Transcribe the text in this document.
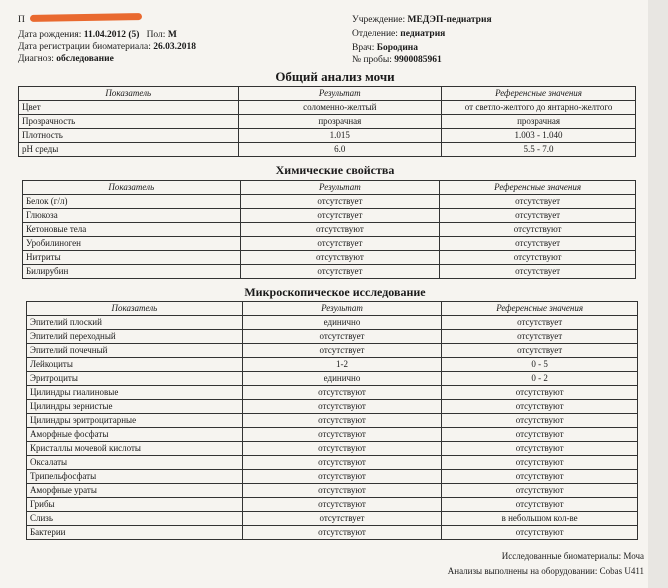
П
Дата рождения: 11.04.2012 (5) Пол: М
Дата регистрации биоматериала: 26.03.2018
Диагноз: обследование
Учреждение: МЕДЭП-педиатрия
Отделение: педиатрия
Врач: Бородина
№ пробы: 9900085961
Общий анализ мочи
Показатель	Результат	Референсные значения
Цвет	соломенно-желтый	от светло-желтого до янтарно-желтого
Прозрачность	прозрачная	прозрачная
Плотность	1.015	1.003 - 1.040
pH среды	6.0	5.5 - 7.0
Химические свойства
Показатель	Результат	Референсные значения
Белок (г/л)	отсутствует	отсутствует
Глюкоза	отсутствует	отсутствует
Кетоновые тела	отсутствуют	отсутствуют
Уробилиноген	отсутствует	отсутствует
Нитриты	отсутствуют	отсутствуют
Билирубин	отсутствует	отсутствует
Микроскопическое исследование
Показатель	Результат	Референсные значения
Эпителий плоский	единично	отсутствует
Эпителий переходный	отсутствует	отсутствует
Эпителий почечный	отсутствует	отсутствует
Лейкоциты	1-2	0 - 5
Эритроциты	единично	0 - 2
Цилиндры гиалиновые	отсутствуют	отсутствуют
Цилиндры зернистые	отсутствуют	отсутствуют
Цилиндры эритроцитарные	отсутствуют	отсутствуют
Аморфные фосфаты	отсутствуют	отсутствуют
Кристаллы мочевой кислоты	отсутствуют	отсутствуют
Оксалаты	отсутствуют	отсутствуют
Трипельфосфаты	отсутствуют	отсутствуют
Аморфные ураты	отсутствуют	отсутствуют
Грибы	отсутствуют	отсутствуют
Слизь	отсутствует	в небольшом кол-ве
Бактерии	отсутствуют	отсутствуют
Исследованные биоматериалы: Моча
Анализы выполнены на оборудовании: Cobas U411
